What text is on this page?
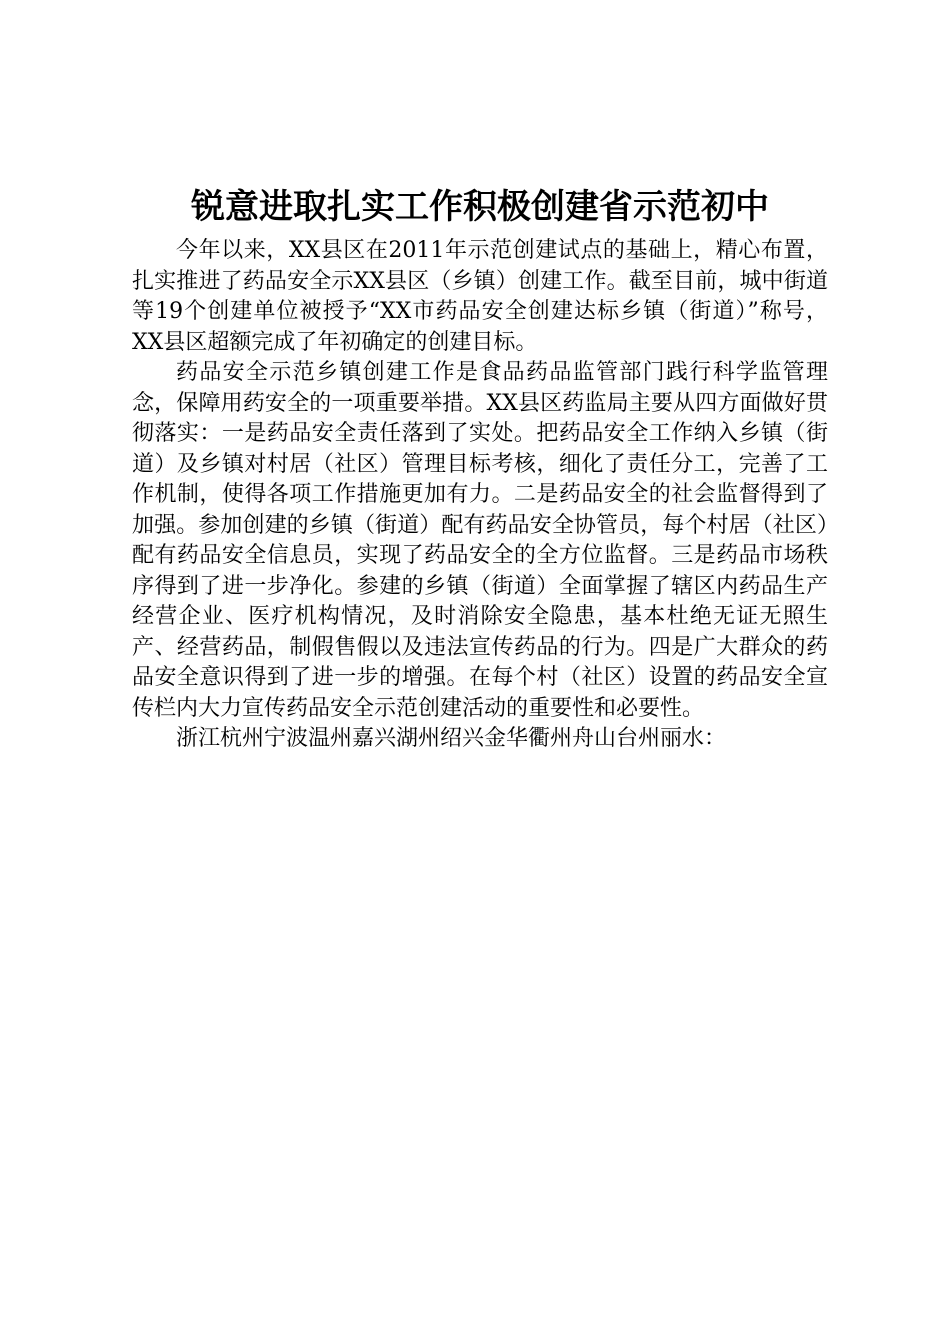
锐意进取扎实工作积极创建省示范初中

今年以来，XX县区在2011年示范创建试点的基础上，精心布置，扎实推进了药品安全示XX县区（乡镇）创建工作。截至目前，城中街道等19个创建单位被授予“XX市药品安全创建达标乡镇（街道）”称号，XX县区超额完成了年初确定的创建目标。

药品安全示范乡镇创建工作是食品药品监管部门践行科学监管理念，保障用药安全的一项重要举措。XX县区药监局主要从四方面做好贯彻落实：一是药品安全责任落到了实处。把药品安全工作纳入乡镇（街道）及乡镇对村居（社区）管理目标考核，细化了责任分工，完善了工作机制，使得各项工作措施更加有力。二是药品安全的社会监督得到了加强。参加创建的乡镇（街道）配有药品安全协管员，每个村居（社区）配有药品安全信息员，实现了药品安全的全方位监督。三是药品市场秩序得到了进一步净化。参建的乡镇（街道）全面掌握了辖区内药品生产经营企业、医疗机构情况，及时消除安全隐患，基本杜绝无证无照生产、经营药品，制假售假以及违法宣传药品的行为。四是广大群众的药品安全意识得到了进一步的增强。在每个村（社区）设置的药品安全宣传栏内大力宣传药品安全示范创建活动的重要性和必要性。

浙江杭州宁波温州嘉兴湖州绍兴金华衢州舟山台州丽水：
